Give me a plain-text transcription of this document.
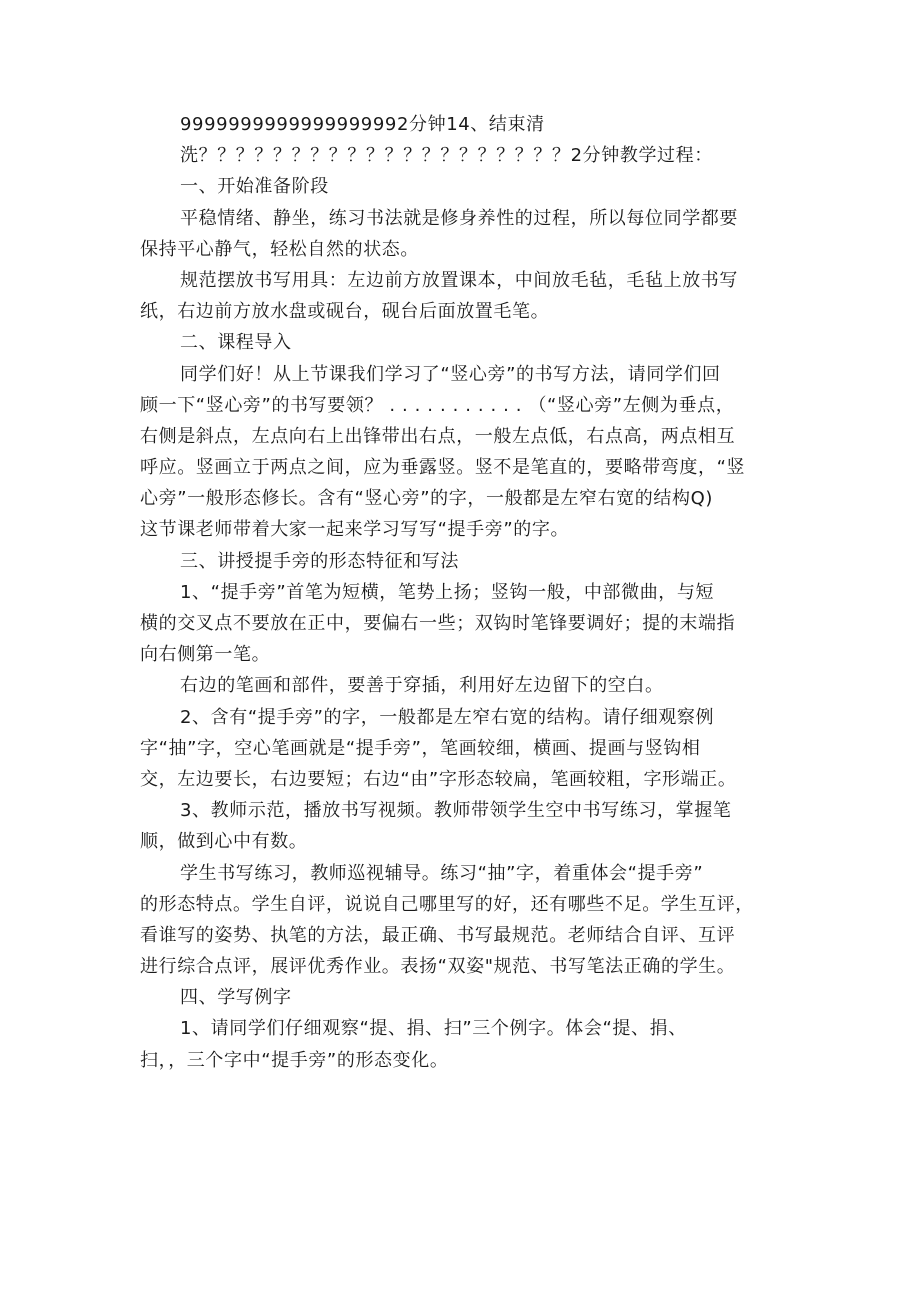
9999999999999999992分钟14、结束清
洗？？？？？？？？？？？？？？？？？？？？2分钟教学过程：
一、开始准备阶段
平稳情绪、静坐，练习书法就是修身养性的过程，所以每位同学都要
保持平心静气，轻松自然的状态。
规范摆放书写用具：左边前方放置课本，中间放毛毡，毛毡上放书写
纸，右边前方放水盘或砚台，砚台后面放置毛笔。
二、课程导入
同学们好！从上节课我们学习了“竖心旁”的书写方法，请同学们回
顾一下“竖心旁”的书写要领？ . . . . . . . . . . . （“竖心旁”左侧为垂点，
右侧是斜点，左点向右上出锋带出右点，一般左点低，右点高，两点相互
呼应。竖画立于两点之间，应为垂露竖。竖不是笔直的，要略带弯度，“竖
心旁”一般形态修长。含有“竖心旁”的字，一般都是左窄右宽的结构Q)
这节课老师带着大家一起来学习写写“提手旁”的字。
三、讲授提手旁的形态特征和写法
1、“提手旁”首笔为短横，笔势上扬；竖钩一般，中部微曲，与短
横的交叉点不要放在正中，要偏右一些；双钩时笔锋要调好；提的末端指
向右侧第一笔。
右边的笔画和部件，要善于穿插，利用好左边留下的空白。
2、含有“提手旁”的字，一般都是左窄右宽的结构。请仔细观察例
字“抽”字，空心笔画就是“提手旁”，笔画较细，横画、提画与竖钩相
交，左边要长，右边要短；右边“由”字形态较扁，笔画较粗，字形端正。
3、教师示范，播放书写视频。教师带领学生空中书写练习，掌握笔
顺，做到心中有数。
学生书写练习，教师巡视辅导。练习“抽”字，着重体会“提手旁”
的形态特点。学生自评，说说自己哪里写的好，还有哪些不足。学生互评，
看谁写的姿势、执笔的方法，最正确、书写最规范。老师结合自评、互评
进行综合点评，展评优秀作业。表扬“双姿"规范、书写笔法正确的学生。
四、学写例字
1、请同学们仔细观察“提、捐、扫”三个例字。体会“提、捐、
扫，，三个字中“提手旁”的形态变化。
